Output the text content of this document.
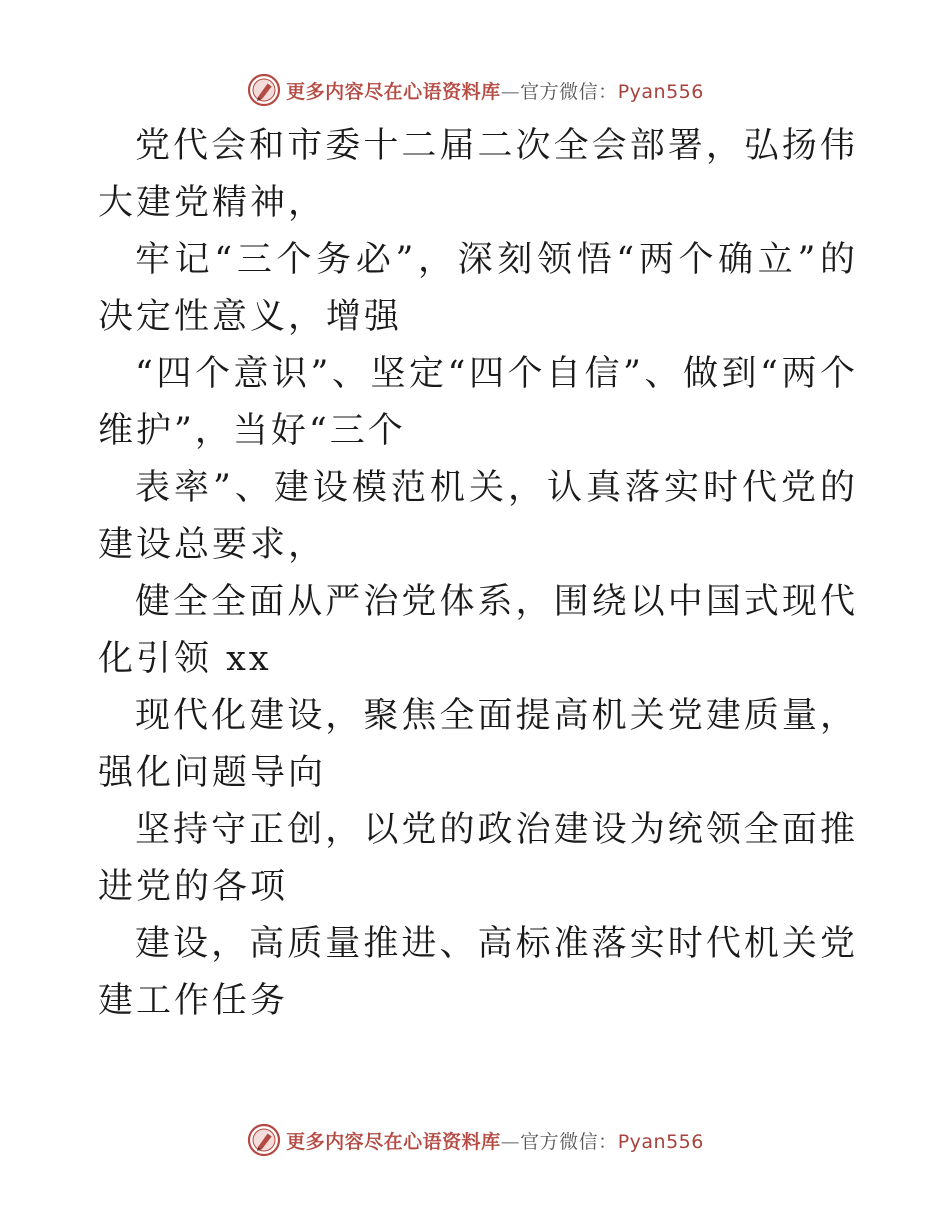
更多内容尽在心语资料库—官方微信：Pyan556

党代会和市委十二届二次全会部署，弘扬伟大建党精神，

牢记“三个务必”，深刻领悟“两个确立”的决定性意义，增强

“四个意识”、坚定“四个自信”、做到“两个维护”，当好“三个

表率”、建设模范机关，认真落实时代党的建设总要求，

健全全面从严治党体系，围绕以中国式现代化引领 xx

现代化建设，聚焦全面提高机关党建质量，强化问题导向

坚持守正创，以党的政治建设为统领全面推进党的各项

建设，高质量推进、高标准落实时代机关党建工作任务

更多内容尽在心语资料库—官方微信：Pyan556
